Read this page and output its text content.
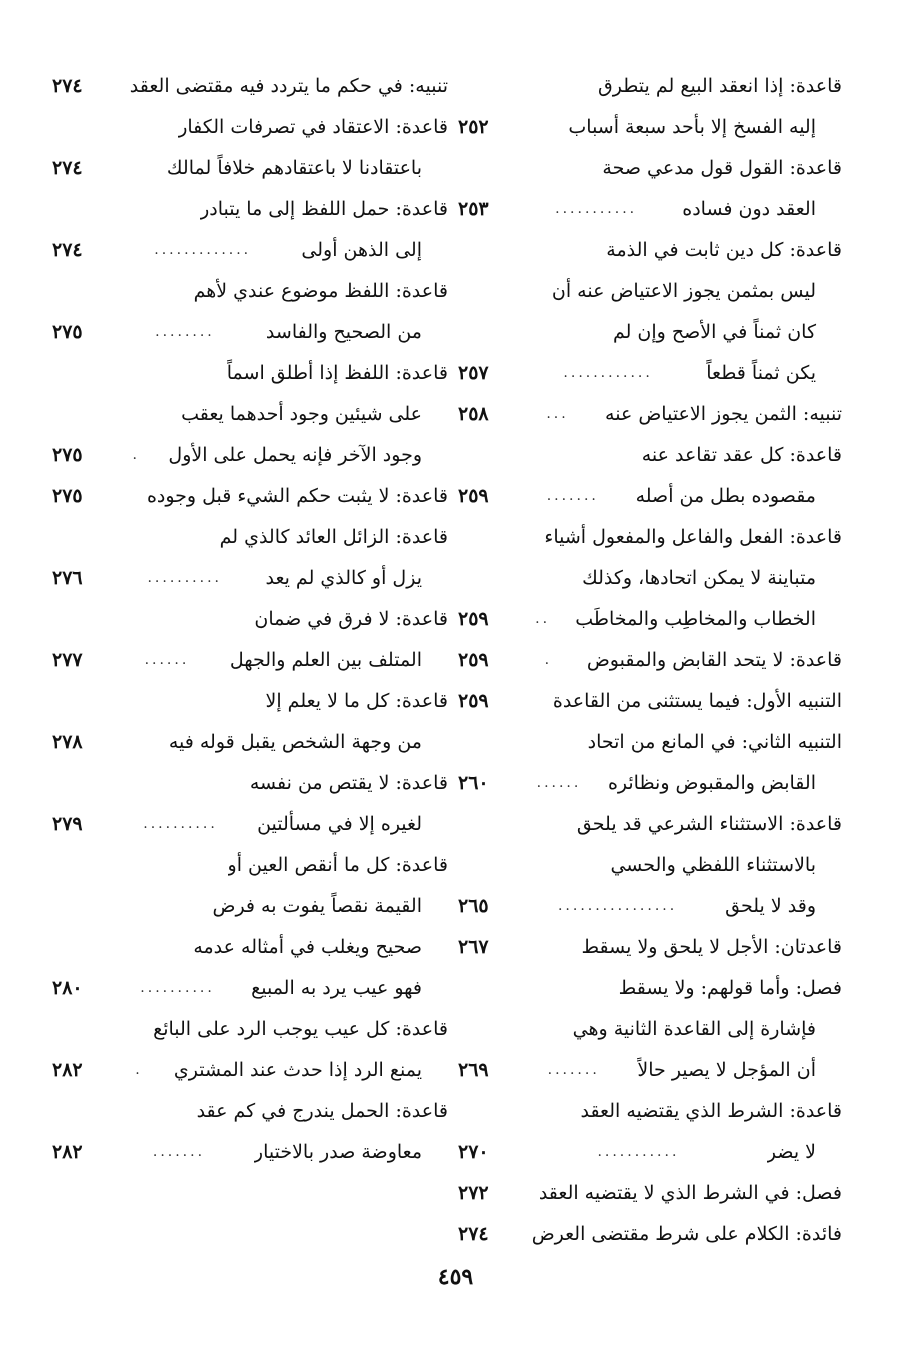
قاعدة: إذا انعقد البيع لم يتطرق
إليه الفسخ إلا بأحد سبعة أسباب
٢٥٢
قاعدة: القول قول مدعي صحة
العقد دون فساده
...........
٢٥٣
قاعدة: كل دين ثابت في الذمة
ليس بمثمن يجوز الاعتياض عنه أن
كان ثمناً في الأصح وإن لم
يكن ثمناً قطعاً
............
٢٥٧
تنبيه: الثمن يجوز الاعتياض عنه
...
٢٥٨
قاعدة: كل عقد تقاعد عنه
مقصوده بطل من أصله
.......
٢٥٩
قاعدة: الفعل والفاعل والمفعول أشياء
متباينة لا يمكن اتحادها، وكذلك
الخطاب والمخاطِب والمخاطَب
..
٢٥٩
قاعدة: لا يتحد القابض والمقبوض
.
٢٥٩
التنبيه الأول: فيما يستثنى من القاعدة
٢٥٩
التنبيه الثاني: في المانع من اتحاد
القابض والمقبوض ونظائره
......
٢٦٠
قاعدة: الاستثناء الشرعي قد يلحق
بالاستثناء اللفظي والحسي
وقد لا يلحق
................
٢٦٥
قاعدتان: الأجل لا يلحق ولا يسقط
٢٦٧
فصل: وأما قولهم: ولا يسقط
فإشارة إلى القاعدة الثانية وهي
أن المؤجل لا يصير حالاً
.......
٢٦٩
قاعدة: الشرط الذي يقتضيه العقد
لا يضر
...........
٢٧٠
فصل: في الشرط الذي لا يقتضيه العقد
٢٧٢
فائدة: الكلام على شرط مقتضى العرض
٢٧٤
تنبيه: في حكم ما يتردد فيه مقتضى العقد
٢٧٤
قاعدة: الاعتقاد في تصرفات الكفار
باعتقادنا لا باعتقادهم خلافاً لمالك
٢٧٤
قاعدة: حمل اللفظ إلى ما يتبادر
إلى الذهن أولى
.............
٢٧٤
قاعدة: اللفظ موضوع عندي لأهم
من الصحيح والفاسد
........
٢٧٥
قاعدة: اللفظ إذا أطلق اسماً
على شيئين وجود أحدهما يعقب
وجود الآخر فإنه يحمل على الأول
.
٢٧٥
قاعدة: لا يثبت حكم الشيء قبل وجوده
٢٧٥
قاعدة: الزائل العائد كالذي لم
يزل أو كالذي لم يعد
..........
٢٧٦
قاعدة: لا فرق في ضمان
المتلف بين العلم والجهل
......
٢٧٧
قاعدة: كل ما لا يعلم إلا
من وجهة الشخص يقبل قوله فيه
٢٧٨
قاعدة: لا يقتص من نفسه
لغيره إلا في مسألتين
..........
٢٧٩
قاعدة: كل ما أنقص العين أو
القيمة نقصاً يفوت به فرض
صحيح ويغلب في أمثاله عدمه
فهو عيب يرد به المبيع
..........
٢٨٠
قاعدة: كل عيب يوجب الرد على البائع
يمنع الرد إذا حدث عند المشتري
.
٢٨٢
قاعدة: الحمل يندرج في كم عقد
معاوضة صدر بالاختيار
.......
٢٨٢
٤٥٩
